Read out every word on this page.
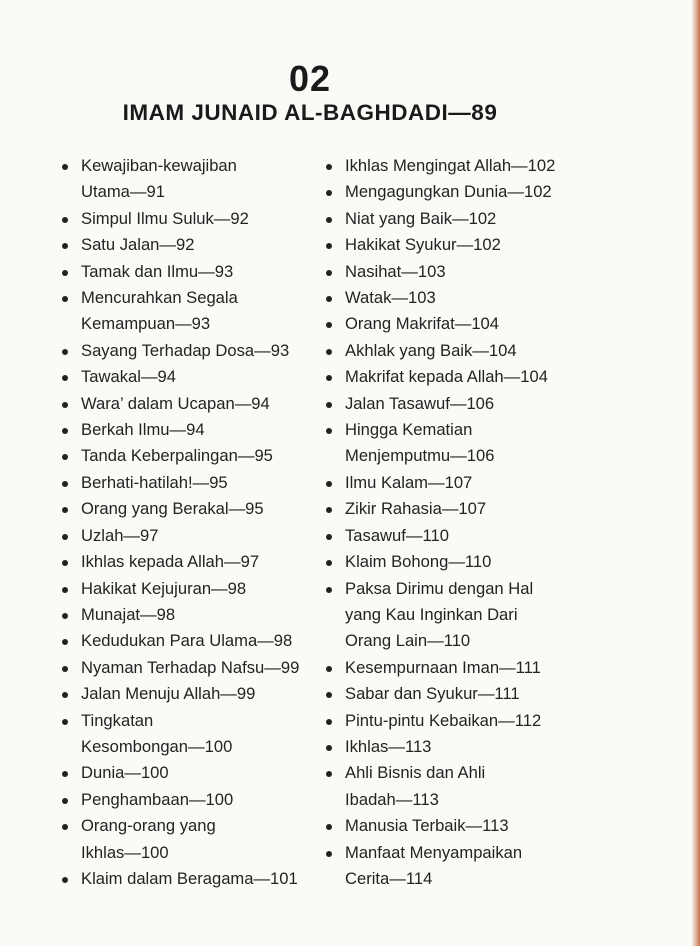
02
IMAM JUNAID AL-BAGHDADI—89
Kewajiban-kewajiban Utama—91
Simpul Ilmu Suluk—92
Satu Jalan—92
Tamak dan Ilmu—93
Mencurahkan Segala Kemampuan—93
Sayang Terhadap Dosa—93
Tawakal—94
Wara’ dalam Ucapan—94
Berkah Ilmu—94
Tanda Keberpalingan—95
Berhati-hatilah!—95
Orang yang Berakal—95
Uzlah—97
Ikhlas kepada Allah—97
Hakikat Kejujuran—98
Munajat—98
Kedudukan Para Ulama—98
Nyaman Terhadap Nafsu—99
Jalan Menuju Allah—99
Tingkatan Kesombongan—100
Dunia—100
Penghambaan—100
Orang-orang yang Ikhlas—100
Klaim dalam Beragama—101
Ikhlas Mengingat Allah—102
Mengagungkan Dunia—102
Niat yang Baik—102
Hakikat Syukur—102
Nasihat—103
Watak—103
Orang Makrifat—104
Akhlak yang Baik—104
Makrifat kepada Allah—104
Jalan Tasawuf—106
Hingga Kematian Menjemputmu—106
Ilmu Kalam—107
Zikir Rahasia—107
Tasawuf—110
Klaim Bohong—110
Paksa Dirimu dengan Hal yang Kau Inginkan Dari Orang Lain—110
Kesempurnaan Iman—111
Sabar dan Syukur—111
Pintu-pintu Kebaikan—112
Ikhlas—113
Ahli Bisnis dan Ahli Ibadah—113
Manusia Terbaik—113
Manfaat Menyampaikan Cerita—114
